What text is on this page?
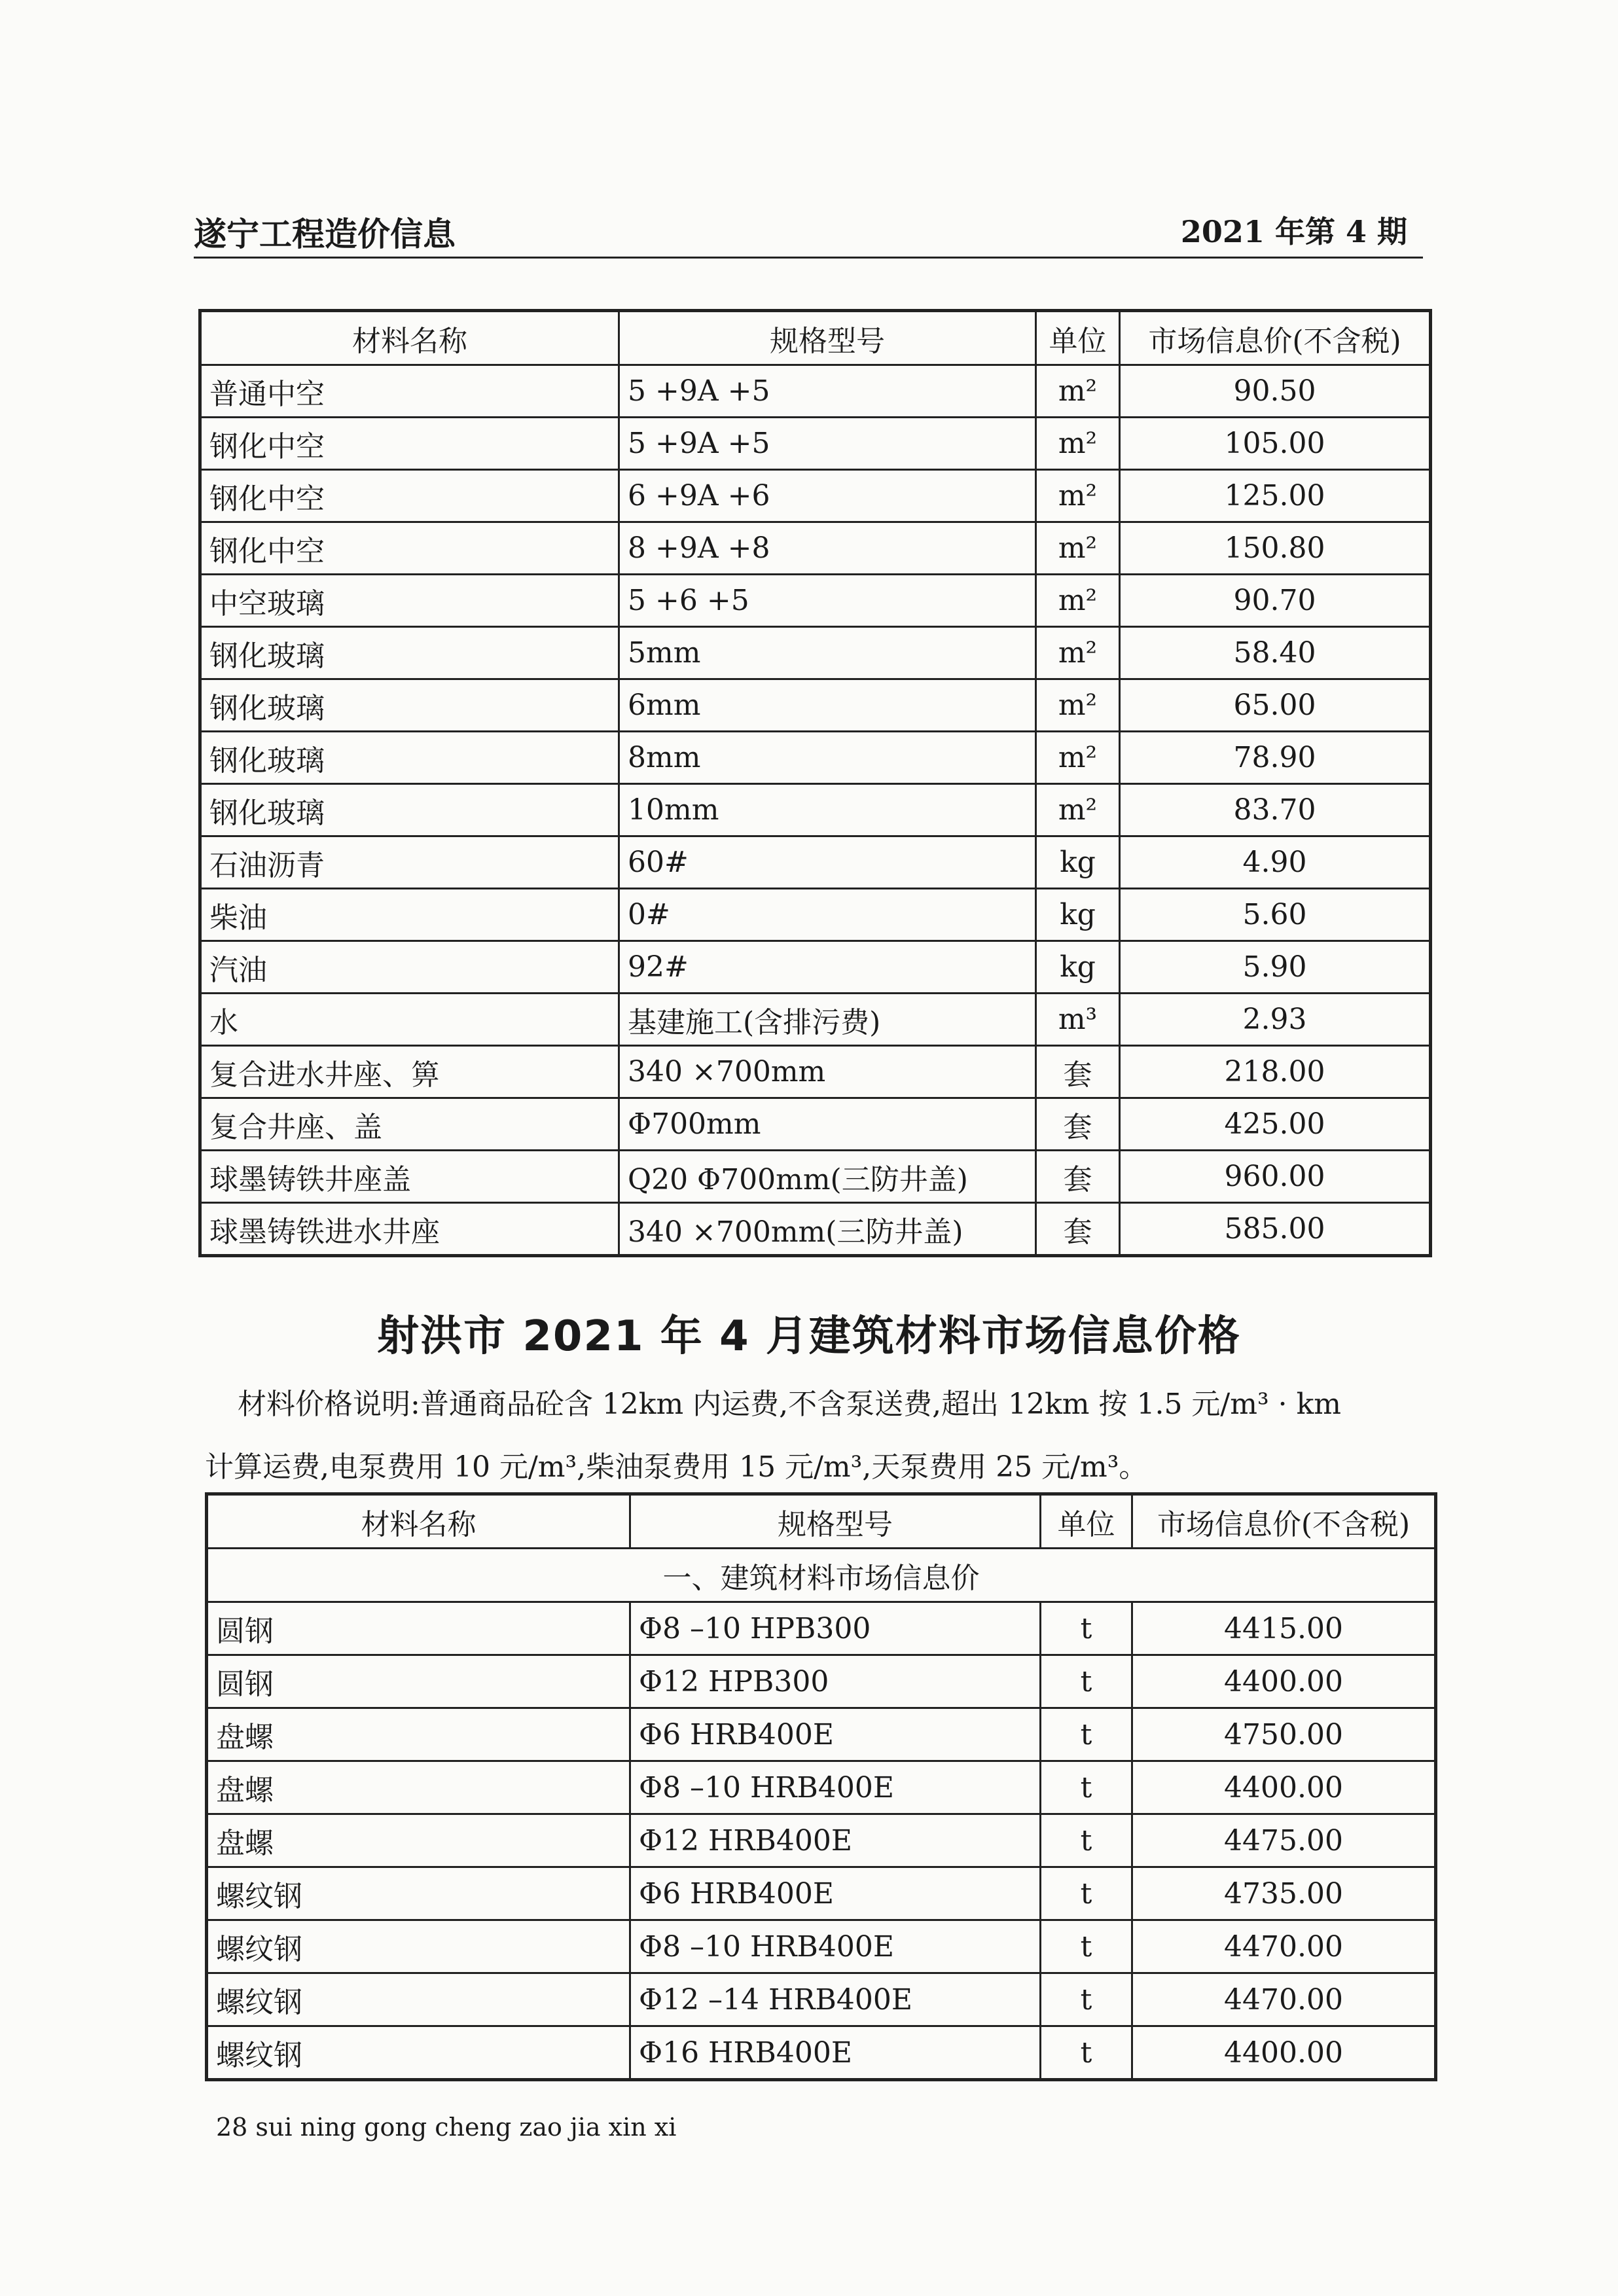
遂宁工程造价信息	2021 年第 4 期
材料名称	规格型号	单位	市场信息价(不含税)
普通中空	5 +9A +5	m²	90.50
钢化中空	5 +9A +5	m²	105.00
钢化中空	6 +9A +6	m²	125.00
钢化中空	8 +9A +8	m²	150.80
中空玻璃	5 +6 +5	m²	90.70
钢化玻璃	5mm	m²	58.40
钢化玻璃	6mm	m²	65.00
钢化玻璃	8mm	m²	78.90
钢化玻璃	10mm	m²	83.70
石油沥青	60#	kg	4.90
柴油	0#	kg	5.60
汽油	92#	kg	5.90
水	基建施工(含排污费)	m³	2.93
复合进水井座、箅	340 ×700mm	套	218.00
复合井座、盖	Φ700mm	套	425.00
球墨铸铁井座盖	Q20 Φ700mm(三防井盖)	套	960.00
球墨铸铁进水井座	340 ×700mm(三防井盖)	套	585.00
射洪市 2021 年 4 月建筑材料市场信息价格
材料价格说明:普通商品砼含 12km 内运费,不含泵送费,超出 12km 按 1.5 元/m³ · km
计算运费,电泵费用 10 元/m³,柴油泵费用 15 元/m³,天泵费用 25 元/m³。
材料名称	规格型号	单位	市场信息价(不含税)
一、建筑材料市场信息价			
圆钢	Φ8 –10 HPB300	t	4415.00
圆钢	Φ12 HPB300	t	4400.00
盘螺	Φ6 HRB400E	t	4750.00
盘螺	Φ8 –10 HRB400E	t	4400.00
盘螺	Φ12 HRB400E	t	4475.00
螺纹钢	Φ6 HRB400E	t	4735.00
螺纹钢	Φ8 –10 HRB400E	t	4470.00
螺纹钢	Φ12 –14 HRB400E	t	4470.00
螺纹钢	Φ16 HRB400E	t	4400.00
28 sui ning gong cheng zao jia xin xi
